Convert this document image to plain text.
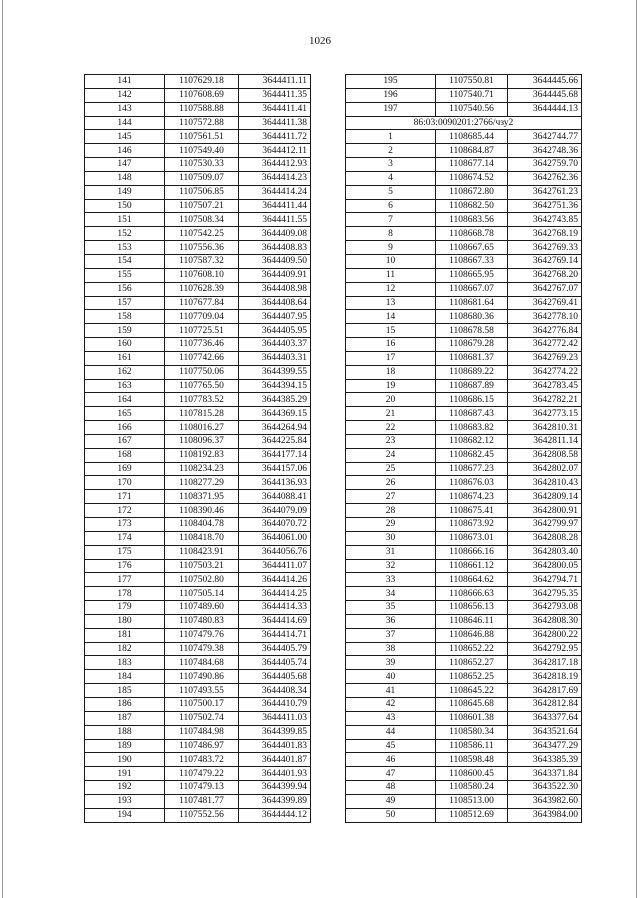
1026
141	1107629.18	3644411.11
142	1107608.69	3644411.35
143	1107588.88	3644411.41
144	1107572.88	3644411.38
145	1107561.51	3644411.72
146	1107549.40	3644412.11
147	1107530.33	3644412.93
148	1107509.07	3644414.23
149	1107506.85	3644414.24
150	1107507.21	3644411.44
151	1107508.34	3644411.55
152	1107542.25	3644409.08
153	1107556.36	3644408.83
154	1107587.32	3644409.50
155	1107608.10	3644409.91
156	1107628.39	3644408.98
157	1107677.84	3644408.64
158	1107709.04	3644407.95
159	1107725.51	3644405.95
160	1107736.46	3644403.37
161	1107742.66	3644403.31
162	1107750.06	3644399.55
163	1107765.50	3644394.15
164	1107783.52	3644385.29
165	1107815.28	3644369.15
166	1108016.27	3644264.94
167	1108096.37	3644225.84
168	1108192.83	3644177.14
169	1108234.23	3644157.06
170	1108277.29	3644136.93
171	1108371.95	3644088.41
172	1108390.46	3644079.09
173	1108404.78	3644070.72
174	1108418.70	3644061.00
175	1108423.91	3644056.76
176	1107503.21	3644411.07
177	1107502.80	3644414.26
178	1107505.14	3644414.25
179	1107489.60	3644414.33
180	1107480.83	3644414.69
181	1107479.76	3644414.71
182	1107479.38	3644405.79
183	1107484.68	3644405.74
184	1107490.86	3644405.68
185	1107493.55	3644408.34
186	1107500.17	3644410.79
187	1107502.74	3644411.03
188	1107484.98	3644399.85
189	1107486.97	3644401.83
190	1107483.72	3644401.87
191	1107479.22	3644401.93
192	1107479.13	3644399.94
193	1107481.77	3644399.89
194	1107552.56	3644444.12
195	1107550.81	3644445.66
196	1107540.71	3644445.68
197	1107540.56	3644444.13
86:03:0090201:2766/чзу2		
1	1108685.44	3642744.77
2	1108684.87	3642748.36
3	1108677.14	3642759.70
4	1108674.52	3642762.36
5	1108672.80	3642761.23
6	1108682.50	3642751.36
7	1108683.56	3642743.85
8	1108668.78	3642768.19
9	1108667.65	3642769.33
10	1108667.33	3642769.14
11	1108665.95	3642768.20
12	1108667.07	3642767.07
13	1108681.64	3642769.41
14	1108680.36	3642778.10
15	1108678.58	3642776.84
16	1108679.28	3642772.42
17	1108681.37	3642769.23
18	1108689.22	3642774.22
19	1108687.89	3642783.45
20	1108686.15	3642782.21
21	1108687.43	3642773.15
22	1108683.82	3642810.31
23	1108682.12	3642811.14
24	1108682.45	3642808.58
25	1108677.23	3642802.07
26	1108676.03	3642810.43
27	1108674.23	3642809.14
28	1108675.41	3642800.91
29	1108673.92	3642799.97
30	1108673.01	3642808.28
31	1108666.16	3642803.40
32	1108661.12	3642800.05
33	1108664.62	3642794.71
34	1108666.63	3642795.35
35	1108656.13	3642793.08
36	1108646.11	3642808.30
37	1108646.88	3642800.22
38	1108652.22	3642792.95
39	1108652.27	3642817.18
40	1108652.25	3642818.19
41	1108645.22	3642817.69
42	1108645.68	3642812.84
43	1108601.38	3643377.64
44	1108580.34	3643521.64
45	1108586.11	3643477.29
46	1108598.48	3643385.39
47	1108600.45	3643371.84
48	1108580.24	3643522.30
49	1108513.00	3643982.60
50	1108512.69	3643984.00
